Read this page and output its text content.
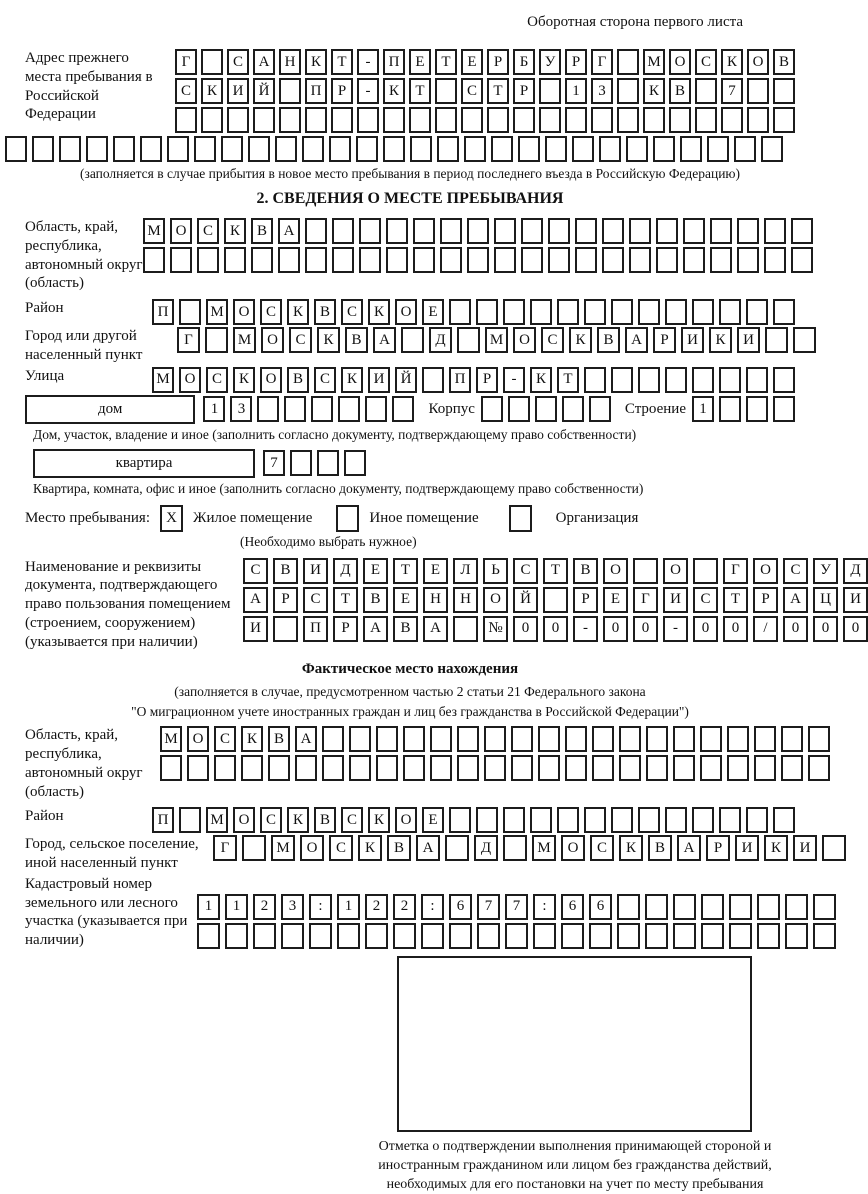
Оборотная сторона первого листа
Адрес прежнего места пребывания в Российской Федерации
Г	С	А	Н	К	Т	-	П	Е	Т	Е	Р	Б	У	Р	Г	М О	С	К	О	В
С	К	И	Й	П	Р	-	К	Т	С	Т	Р	1	3	К	В	7
(заполняется в случае прибытия в новое место пребывания в период последнего въезда в Российскую Федерацию)
2. СВЕДЕНИЯ О МЕСТЕ ПРЕБЫВАНИЯ
Область, край, республика, автономный округ (область)
М О	С	К	В	А
Район	П	М О	С	К	В	С	К	О	Е
Город или другой населенный пункт
Г	М	О	С	К	В	А	Д	М	О	С	К	В	А	Р	И	К	И
Улица	М О	С	К	О	В	С	К	И	Й	П	Р	-	К	Т
дом	1	3	Корпус	Строение 1
Дом, участок, владение и иное (заполнить согласно документу, подтверждающему право собственности)
квартира	7
Квартира, комната, офис и иное (заполнить согласно документу, подтверждающему право собственности)
Место пребывания:	X	Жилое помещение	Иное помещение	Организация
(Необходимо выбрать нужное)
Наименование и реквизиты документа, подтверждающего право пользования помещением (строением, сооружением) (указывается при наличии)
С	В	И	Д	Е	Т	Е	Л	Ь	С	Т	В	О	О	Г	О	С	У	Д
А	Р	С	Т	В	Е	Н	Н	О	Й	Р	Е	Г	И	С	Т	Р	А	Ц	И
И	П	Р	А	В	А	№	0	0	-	0	0	-	0	0	/	0	0	0
Фактическое место нахождения
(заполняется в случае, предусмотренном частью 2 статьи 21 Федерального закона
"О миграционном учете иностранных граждан и лиц без гражданства в Российской Федерации")
Область, край, республика, автономный округ (область)
М О	С	К	В	А
Район	П	М О	С	К	В	С	К	О	Е
Город, сельское поселение, иной населенный пункт
Г	М	О	С	К	В	А	Д	М	О	С	К	В	А	Р	И	К	И
Кадастровый номер земельного или лесного участка (указывается при наличии)
1	1	2	3	:	1	2	2	:	6	7	7	:	6	6
Отметка о подтверждении выполнения принимающей стороной и иностранным гражданином или лицом без гражданства действий, необходимых для его постановки на учет по месту пребывания
